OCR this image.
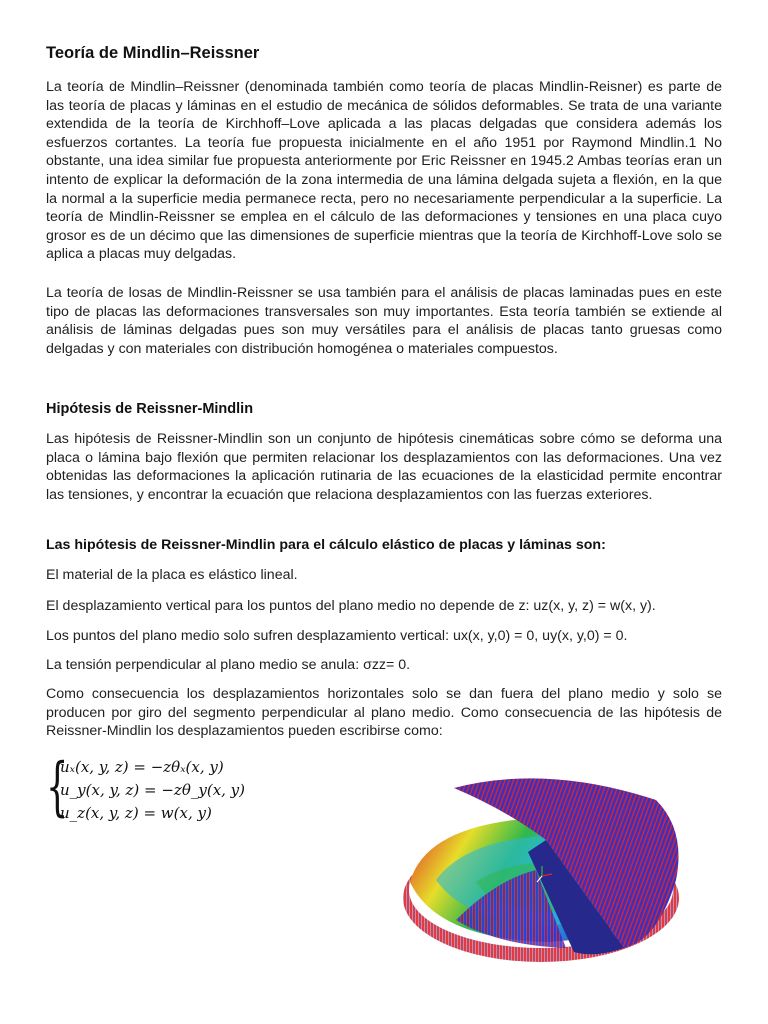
Teoría de Mindlin–Reissner

La teoría de Mindlin–Reissner (denominada también como teoría de placas Mindlin-Reisner) es parte de las teoría de placas y láminas en el estudio de mecánica de sólidos deformables. Se trata de una variante extendida de la teoría de Kirchhoff–Love aplicada a las placas delgadas que considera además los esfuerzos cortantes. La teoría fue propuesta inicialmente en el año 1951 por Raymond Mindlin.1 No obstante, una idea similar fue propuesta anteriormente por Eric Reissner en 1945.2 Ambas teorías eran un intento de explicar la deformación de la zona intermedia de una lámina delgada sujeta a flexión, en la que la normal a la superficie media permanece recta, pero no necesariamente perpendicular a la superficie. La teoría de Mindlin-Reissner se emplea en el cálculo de las deformaciones y tensiones en una placa cuyo grosor es de un décimo que las dimensiones de superficie mientras que la teoría de Kirchhoff-Love solo se aplica a placas muy delgadas.

La teoría de losas de Mindlin-Reissner se usa también para el análisis de placas laminadas pues en este tipo de placas las deformaciones transversales son muy importantes. Esta teoría también se extiende al análisis de láminas delgadas pues son muy versátiles para el análisis de placas tanto gruesas como delgadas y con materiales con distribución homogénea o materiales compuestos.

Hipótesis de Reissner-Mindlin

Las hipótesis de Reissner-Mindlin son un conjunto de hipótesis cinemáticas sobre cómo se deforma una placa o lámina bajo flexión que permiten relacionar los desplazamientos con las deformaciones. Una vez obtenidas las deformaciones la aplicación rutinaria de las ecuaciones de la elasticidad permite encontrar las tensiones, y encontrar la ecuación que relaciona desplazamientos con las fuerzas exteriores.

Las hipótesis de Reissner-Mindlin para el cálculo elástico de placas y láminas son:

El material de la placa es elástico lineal.

El desplazamiento vertical para los puntos del plano medio no depende de z: uz(x, y, z) = w(x, y).

Los puntos del plano medio solo sufren desplazamiento vertical: ux(x, y,0) = 0, uy(x, y,0) = 0.

La tensión perpendicular al plano medio se anula: σzz= 0.

Como consecuencia los desplazamientos horizontales solo se dan fuera del plano medio y solo se producen por giro del segmento perpendicular al plano medio. Como consecuencia de las hipótesis de Reissner-Mindlin los desplazamientos pueden escribirse como:

{
uₓ(x, y, z) = −zθₓ(x, y)
u_y(x, y, z) = −zθ_y(x, y)
u_z(x, y, z) = w(x, y)
